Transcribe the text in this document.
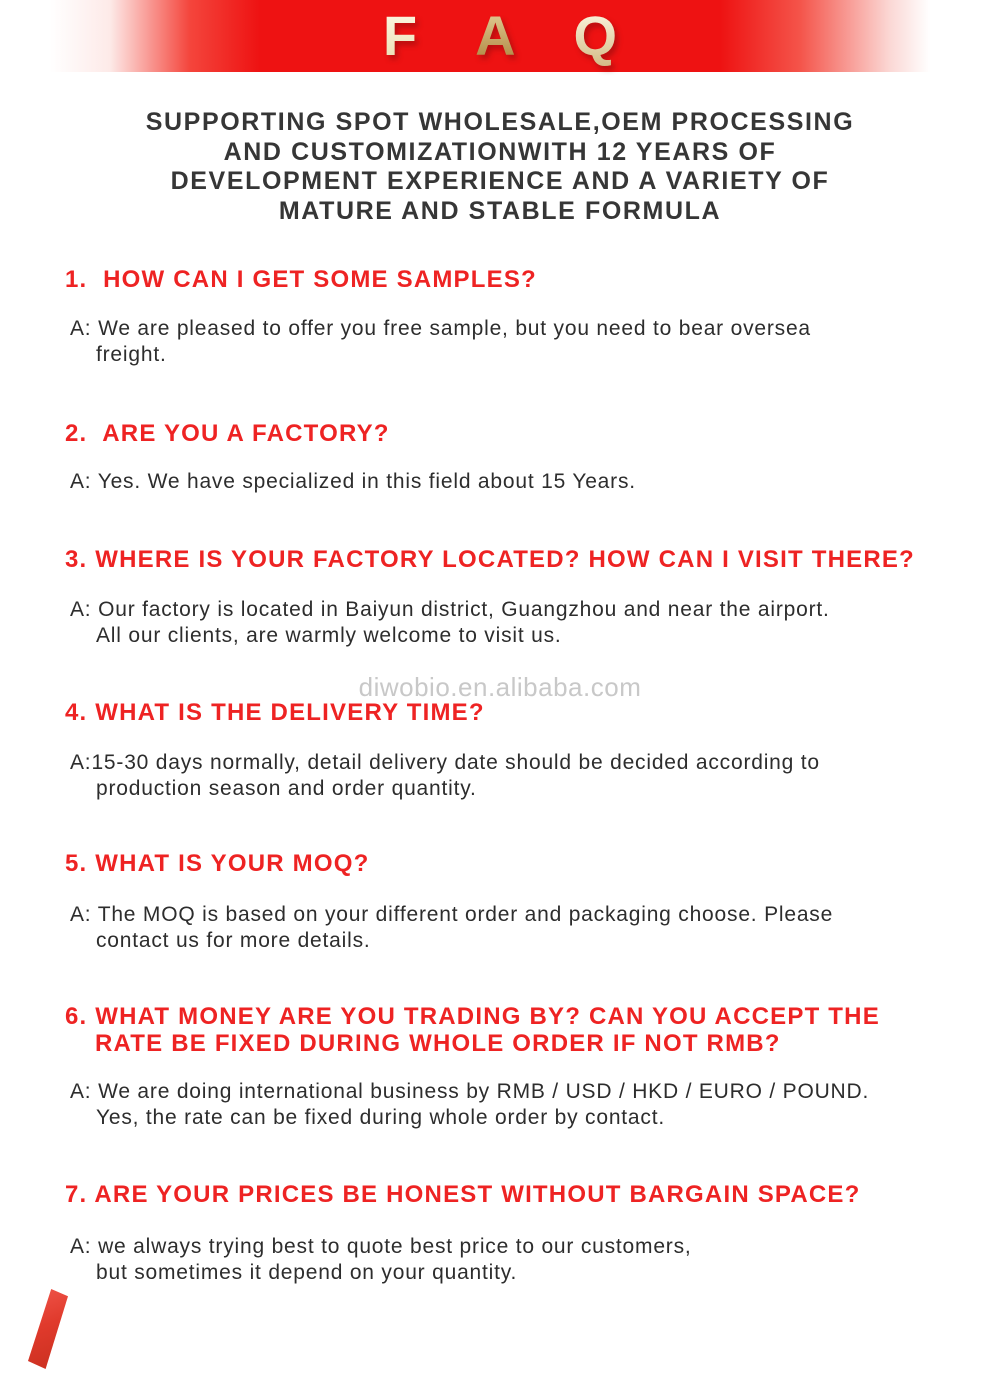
F A Q
SUPPORTING SPOT WHOLESALE,OEM PROCESSING
AND CUSTOMIZATIONWITH 12 YEARS OF
DEVELOPMENT EXPERIENCE AND A VARIETY OF
MATURE AND STABLE FORMULA
diwobio.en.alibaba.com
1.  HOW CAN I GET SOME SAMPLES?
A: We are pleased to offer you free sample, but you need to bear oversea
freight.
2.  ARE YOU A FACTORY?
A: Yes. We have specialized in this field about 15 Years.
3. WHERE IS YOUR FACTORY LOCATED? HOW CAN I VISIT THERE?
A: Our factory is located in Baiyun district, Guangzhou and near the airport.
All our clients, are warmly welcome to visit us.
4. WHAT IS THE DELIVERY TIME?
A:15-30 days normally, detail delivery date should be decided according to
production season and order quantity.
5. WHAT IS YOUR MOQ?
A: The MOQ is based on your different order and packaging choose. Please
contact us for more details.
6. WHAT MONEY ARE YOU TRADING BY? CAN YOU ACCEPT THE
RATE BE FIXED DURING WHOLE ORDER IF NOT RMB?
A: We are doing international business by RMB / USD / HKD / EURO / POUND.
Yes, the rate can be fixed during whole order by contact.
7. ARE YOUR PRICES BE HONEST WITHOUT BARGAIN SPACE?
A: we always trying best to quote best price to our customers,
but sometimes it depend on your quantity.
